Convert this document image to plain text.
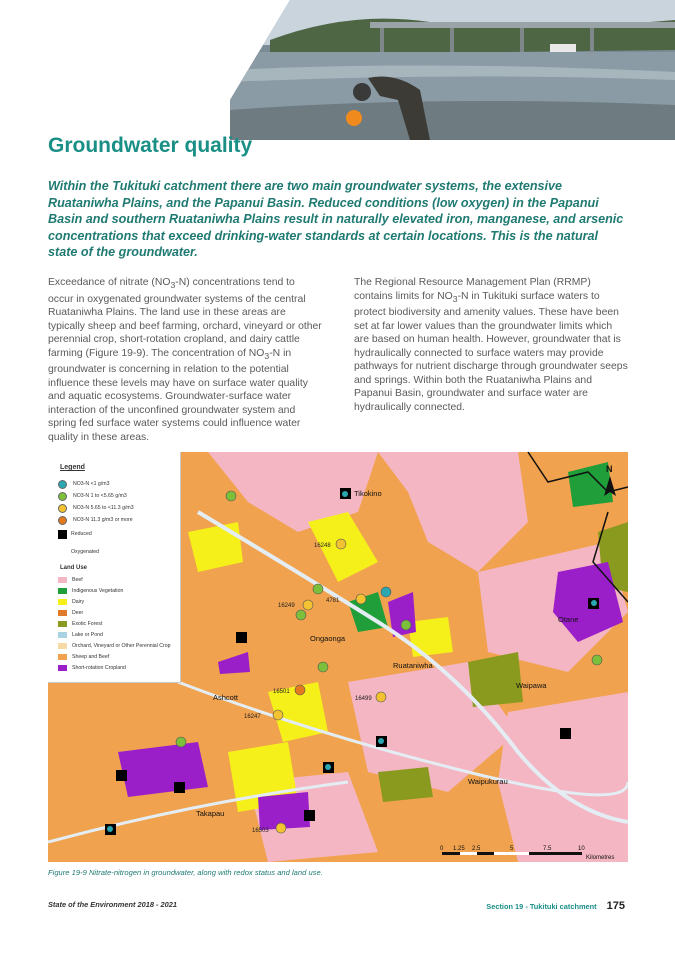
Groundwater quality

Within the Tukituki catchment there are two main groundwater systems, the extensive Ruataniwha Plains, and the Papanui Basin. Reduced conditions (low oxygen) in the Papanui Basin and southern Ruataniwha Plains result in naturally elevated iron, manganese, and arsenic concentrations that exceed drinking-water standards at certain locations. This is the natural state of the groundwater.

Exceedance of nitrate $(NO_3-N)$ concentrations tend to occur in oxygenated groundwater systems of the central Ruataniwha Plains. The land use in these areas are typically sheep and beef farming, orchard, vineyard or other perennial crop, short-rotation cropland, and dairy cattle farming (Figure 19-9). The concentration of $NO_3-N$ in groundwater is concerning in relation to the potential influence these levels may have on surface water quality and aquatic ecosystems. Groundwater-surface water interaction of the unconfined groundwater system and spring fed surface water systems could influence water quality in these areas.

The Regional Resource Management Plan (RRMP) contains limits for $NO_3-N$ in Tukituki surface waters to protect biodiversity and amenity values. These have been set at far lower values than the groundwater limits which are based on human health. However, groundwater that is hydraulically connected to surface waters may provide pathways for nutrient discharge through groundwater seeps and springs. Within both the Ruataniwha Plains and Papanui Basin, groundwater and surface water are hydraulically connected.

Tikokino
Ongaonga
Ruataniwha
Ashcott
Waipawa
Waipukurau
Takapau
Otane
16248
16249
4781
16501
16499
16247
16503
N
0 1.25 2.5	5	7.5	10
Kilometres
Legend
NO3-N <1 g/m3
NO3-N 1 to <5.65 g/m3
NO3-N 5.65 to <11.3 g/m3
NO3-N 11.3 g/m3 or more
Reduced
Oxygenated
Land Use
Beef
Indigenous Vegetation
Dairy
Deer
Exotic Forest
Lake or Pond
Orchard, Vineyard or Other Perennial Crop
Sheep and Beef
Short-rotation Cropland

Figure 19-9 Nitrate-nitrogen in groundwater, along with redox status and land use.

State of the Environment 2018 - 2021	Section 19 - Tukituki catchment 175
